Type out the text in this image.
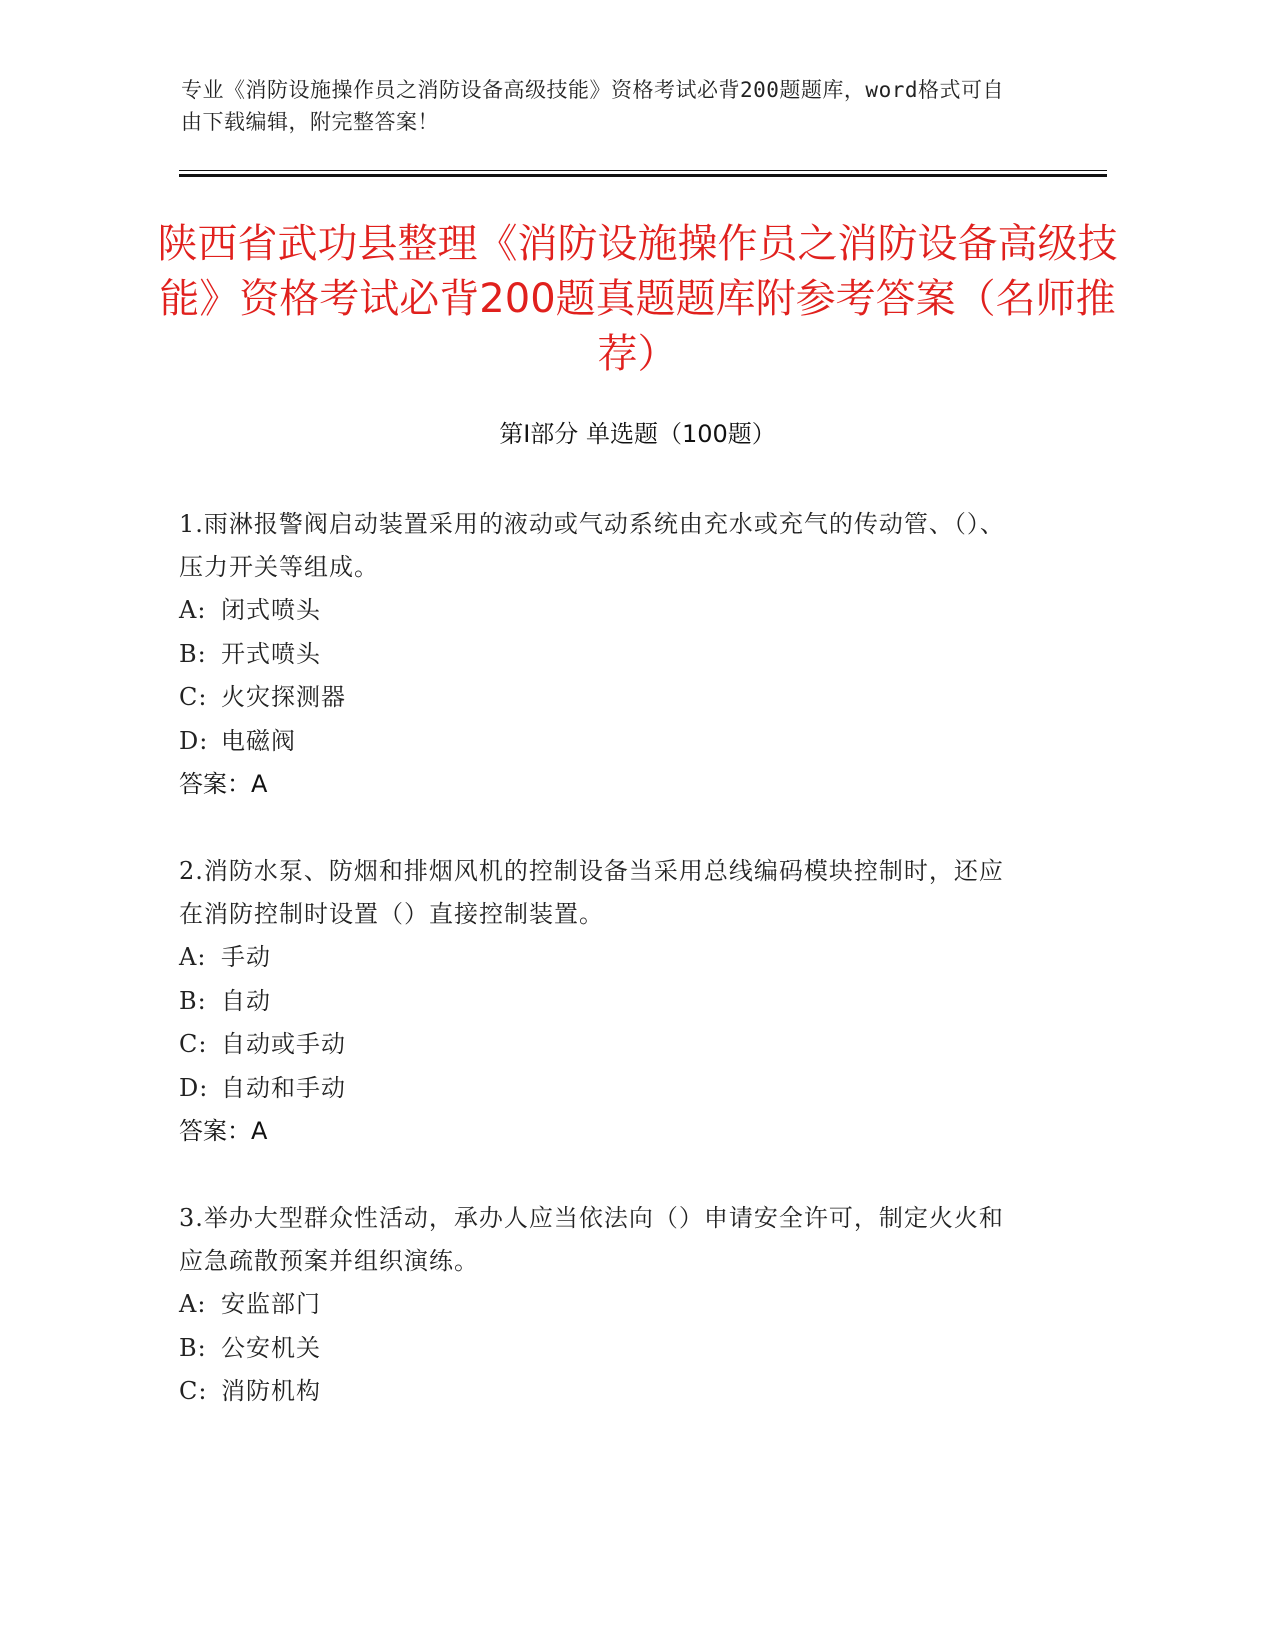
专业《消防设施操作员之消防设备高级技能》资格考试必背200题题库，word格式可自由下载编辑，附完整答案！
陕西省武功县整理《消防设施操作员之消防设备高级技能》资格考试必背200题真题题库附参考答案（名师推荐）
第Ⅰ部分 单选题（100题）
1.雨淋报警阀启动装置采用的液动或气动系统由充水或充气的传动管、（）、压力开关等组成。
A: 闭式喷头
B: 开式喷头
C: 火灾探测器
D: 电磁阀
答案：A
2.消防水泵、防烟和排烟风机的控制设备当采用总线编码模块控制时，还应在消防控制时设置（）直接控制装置。
A: 手动
B: 自动
C: 自动或手动
D: 自动和手动
答案：A
3.举办大型群众性活动，承办人应当依法向（）申请安全许可，制定火火和应急疏散预案并组织演练。
A: 安监部门
B: 公安机关
C: 消防机构
